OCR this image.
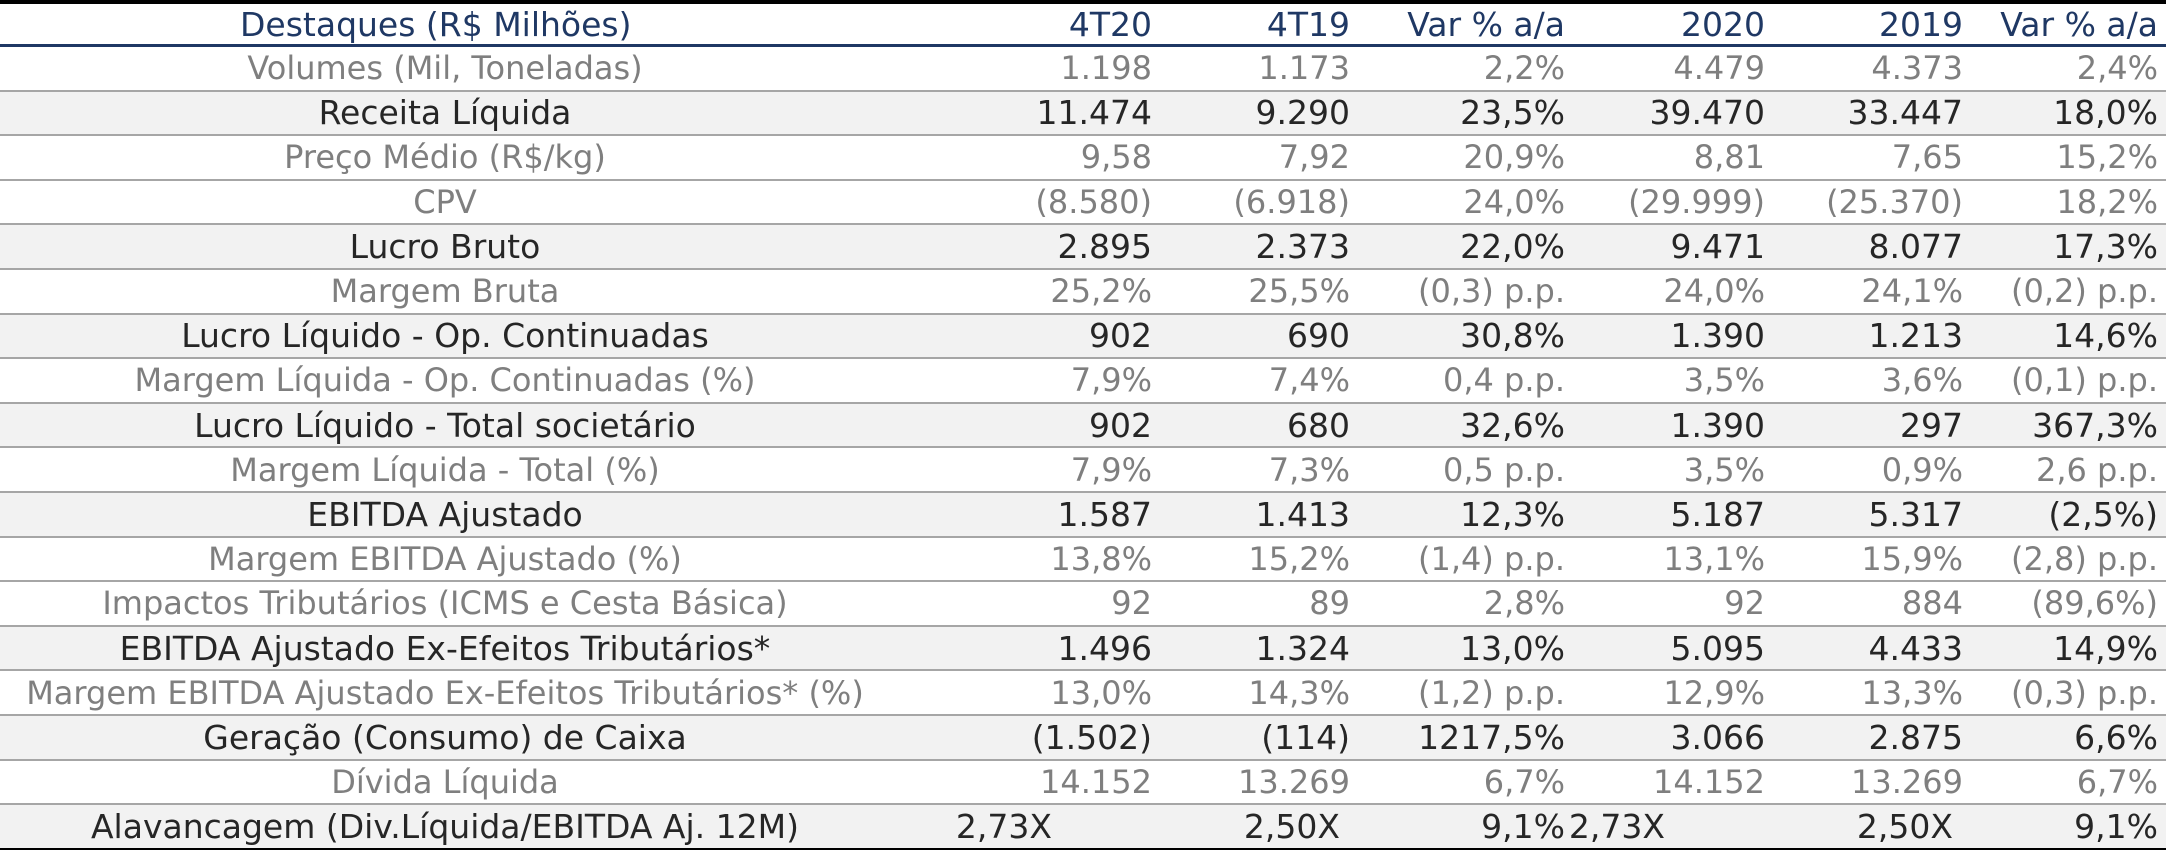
Destaques (R$ Milhões)	4T20	4T19	Var % a/a	2020	2019	Var % a/a
Volumes (Mil, Toneladas)	1.198	1.173	2,2%	4.479	4.373	2,4%
Receita Líquida	11.474	9.290	23,5%	39.470	33.447	18,0%
Preço Médio (R$/kg)	9,58	7,92	20,9%	8,81	7,65	15,2%
CPV	(8.580)	(6.918)	24,0%	(29.999)	(25.370)	18,2%
Lucro Bruto	2.895	2.373	22,0%	9.471	8.077	17,3%
Margem Bruta	25,2%	25,5%	(0,3) p.p.	24,0%	24,1%	(0,2) p.p.
Lucro Líquido - Op. Continuadas	902	690	30,8%	1.390	1.213	14,6%
Margem Líquida - Op. Continuadas (%)	7,9%	7,4%	0,4 p.p.	3,5%	3,6%	(0,1) p.p.
Lucro Líquido - Total societário	902	680	32,6%	1.390	297	367,3%
Margem Líquida - Total (%)	7,9%	7,3%	0,5 p.p.	3,5%	0,9%	2,6 p.p.
EBITDA Ajustado	1.587	1.413	12,3%	5.187	5.317	(2,5%)
Margem EBITDA Ajustado (%)	13,8%	15,2%	(1,4) p.p.	13,1%	15,9%	(2,8) p.p.
Impactos Tributários (ICMS e Cesta Básica)	92	89	2,8%	92	884	(89,6%)
EBITDA Ajustado Ex-Efeitos Tributários*	1.496	1.324	13,0%	5.095	4.433	14,9%
Margem EBITDA Ajustado Ex-Efeitos Tributários* (%)	13,0%	14,3%	(1,2) p.p.	12,9%	13,3%	(0,3) p.p.
Geração (Consumo) de Caixa	(1.502)	(114)	1217,5%	3.066	2.875	6,6%
Dívida Líquida	14.152	13.269	6,7%	14.152	13.269	6,7%
Alavancagem (Div.Líquida/EBITDA Aj. 12M)	2,73X	2,50X	9,1% 2,73X	2,50X	9,1%
